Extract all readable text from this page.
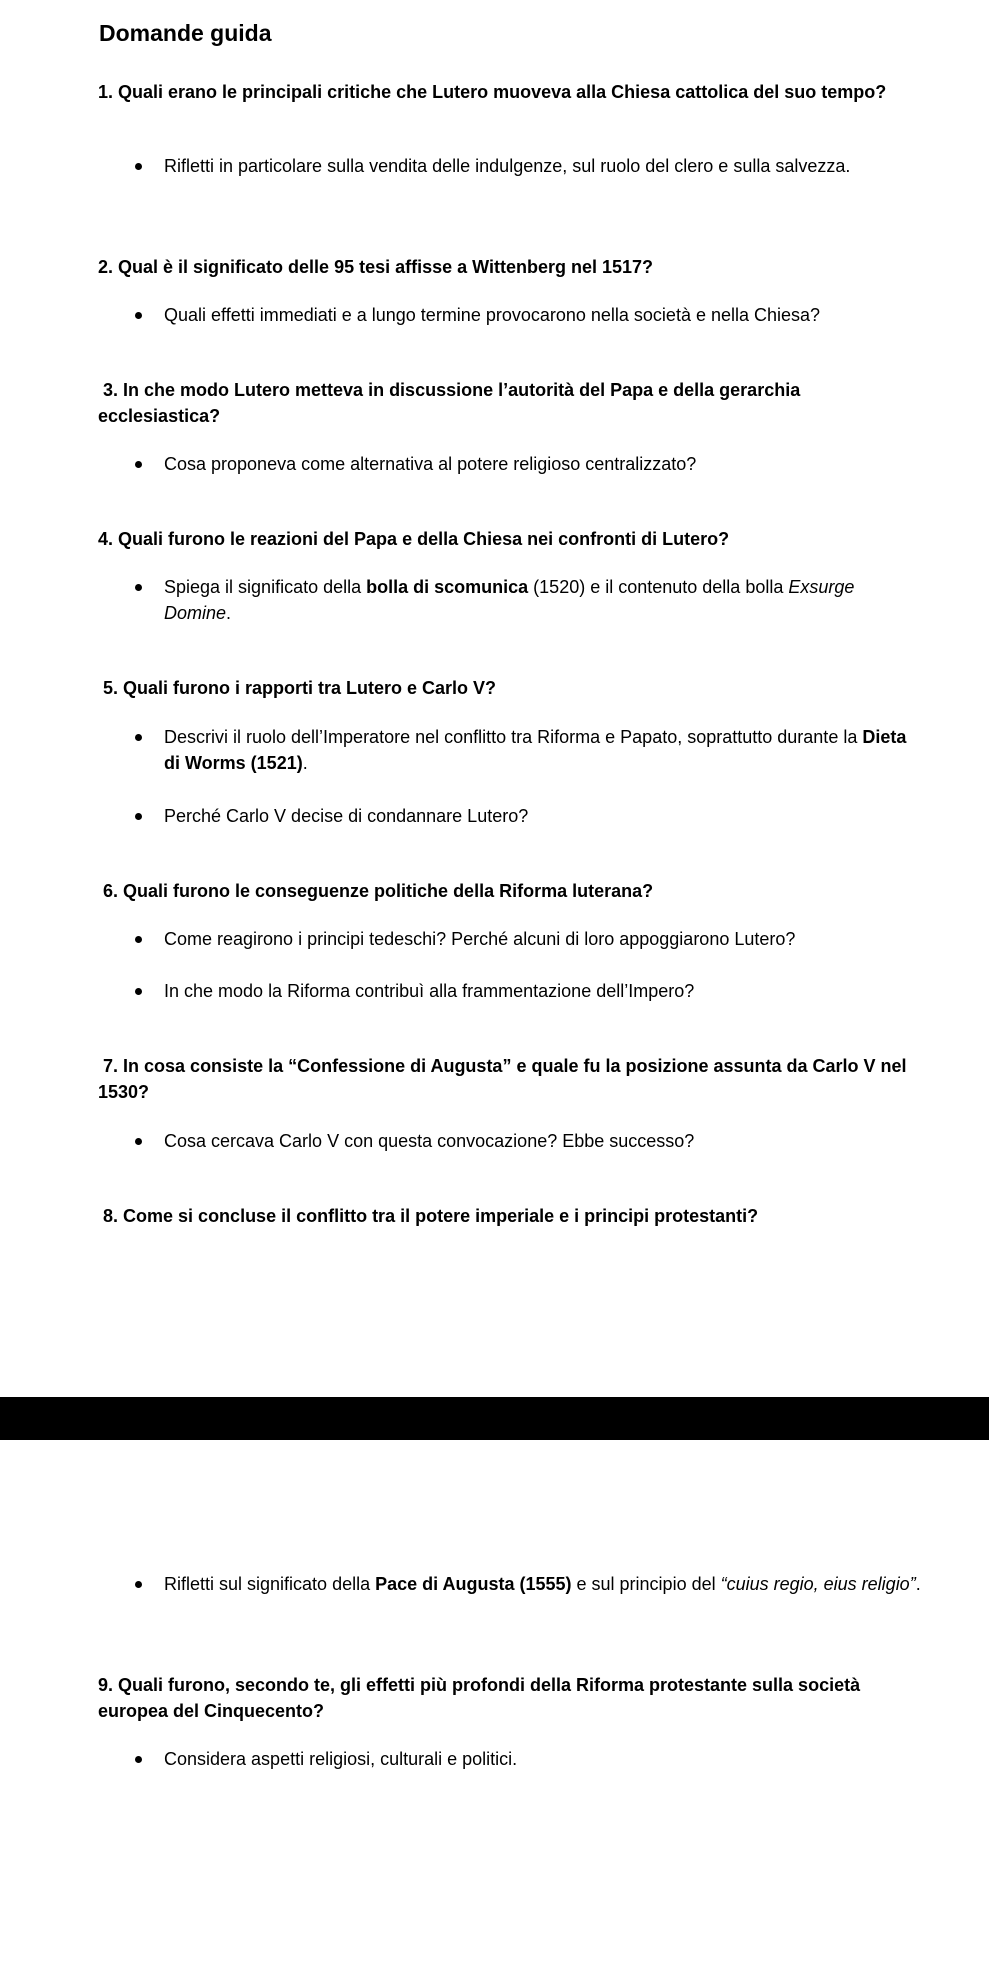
Domande guida

1. Quali erano le principali critiche che Lutero muoveva alla Chiesa cattolica del suo tempo?

Rifletti in particolare sulla vendita delle indulgenze, sul ruolo del clero e sulla salvezza.

2. Qual è il significato delle 95 tesi affisse a Wittenberg nel 1517?

Quali effetti immediati e a lungo termine provocarono nella società e nella Chiesa?

3. In che modo Lutero metteva in discussione l’autorità del Papa e della gerarchia ecclesiastica?

Cosa proponeva come alternativa al potere religioso centralizzato?

4. Quali furono le reazioni del Papa e della Chiesa nei confronti di Lutero?

Spiega il significato della bolla di scomunica (1520) e il contenuto della bolla Exsurge Domine.

5. Quali furono i rapporti tra Lutero e Carlo V?

Descrivi il ruolo dell’Imperatore nel conflitto tra Riforma e Papato, soprattutto durante la Dieta di Worms (1521).

Perché Carlo V decise di condannare Lutero?

6. Quali furono le conseguenze politiche della Riforma luterana?

Come reagirono i principi tedeschi? Perché alcuni di loro appoggiarono Lutero?

In che modo la Riforma contribuì alla frammentazione dell’Impero?

7. In cosa consiste la “Confessione di Augusta” e quale fu la posizione assunta da Carlo V nel 1530?

Cosa cercava Carlo V con questa convocazione? Ebbe successo?

8. Come si concluse il conflitto tra il potere imperiale e i principi protestanti?

Rifletti sul significato della Pace di Augusta (1555) e sul principio del “cuius regio, eius religio”.

9. Quali furono, secondo te, gli effetti più profondi della Riforma protestante sulla società europea del Cinquecento?

Considera aspetti religiosi, culturali e politici.
